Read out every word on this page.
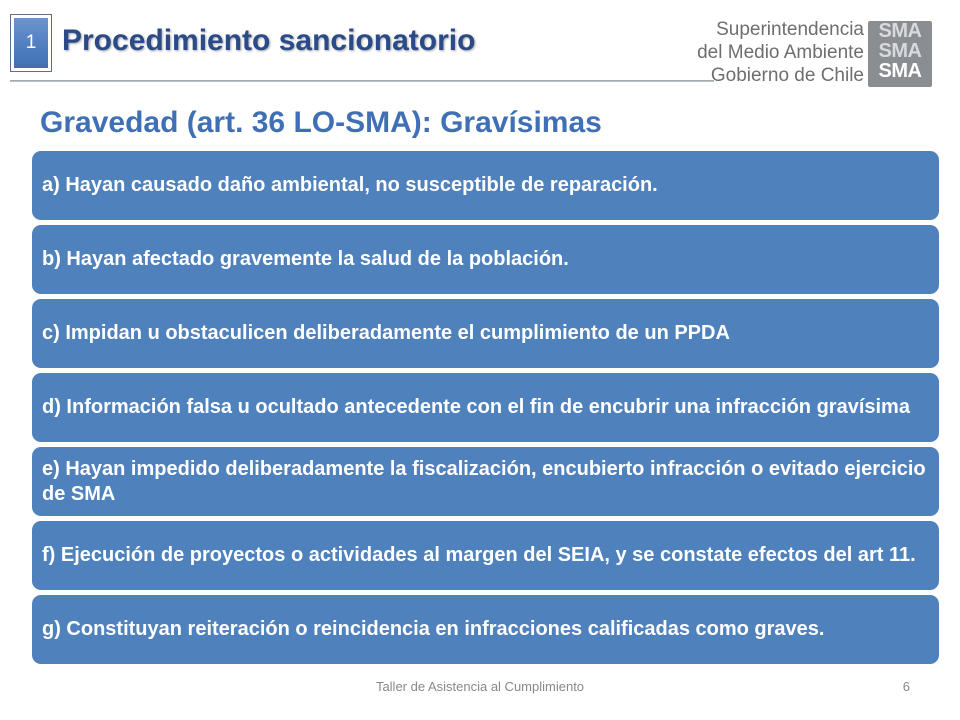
1 Procedimiento sancionatorio	Superintendencia
del Medio Ambiente
Gobierno de Chile
SMA
SMA
SMA
Gravedad (art. 36 LO-SMA): Gravísimas
a) Hayan causado daño ambiental, no susceptible de reparación.
b) Hayan afectado gravemente la salud de la población.
c) Impidan u obstaculicen deliberadamente el cumplimiento de un PPDA
d) Información falsa u ocultado antecedente con el fin de encubrir una infracción gravísima
e) Hayan impedido deliberadamente la fiscalización, encubierto infracción o evitado ejercicio de SMA
f) Ejecución de proyectos o actividades al margen del SEIA, y se constate efectos del art 11.
g) Constituyan reiteración o reincidencia en infracciones calificadas como graves.
Taller de Asistencia al Cumplimiento	6
